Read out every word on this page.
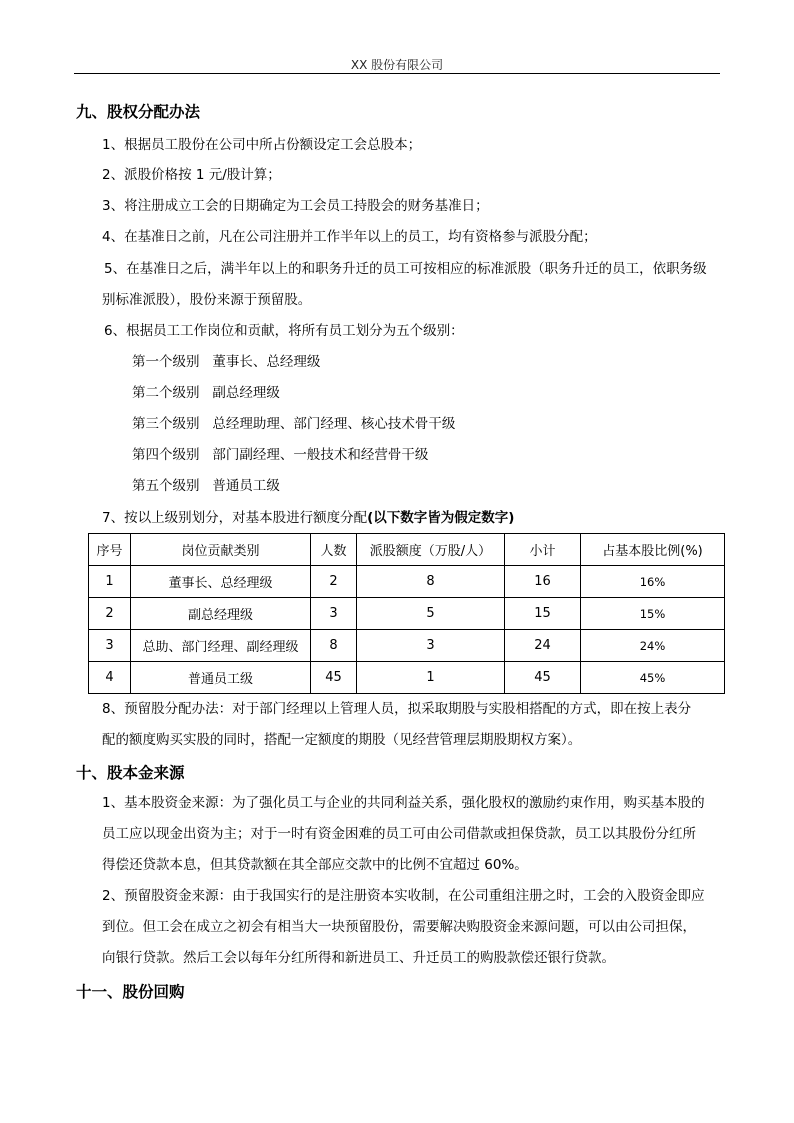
XX 股份有限公司
九、股权分配办法
1、根据员工股份在公司中所占份额设定工会总股本；
2、派股价格按 1 元/股计算；
3、将注册成立工会的日期确定为工会员工持股会的财务基准日；
4、在基准日之前，凡在公司注册并工作半年以上的员工，均有资格参与派股分配；
5、在基准日之后，满半年以上的和职务升迁的员工可按相应的标准派股（职务升迁的员工，依职务级
别标准派股），股份来源于预留股。
6、根据员工工作岗位和贡献，将所有员工划分为五个级别：
第一个级别 董事长、总经理级
第二个级别 副总经理级
第三个级别 总经理助理、部门经理、核心技术骨干级
第四个级别 部门副经理、一般技术和经营骨干级
第五个级别 普通员工级
7、按以上级别划分，对基本股进行额度分配(以下数字皆为假定数字)
序号	岗位贡献类别	人数	派股额度（万股/人）	小计	占基本股比例(%)
1	董事长、总经理级	2	8	16	16%
2	副总经理级	3	5	15	15%
3	总助、部门经理、副经理级	8	3	24	24%
4	普通员工级	45	1	45	45%
8、预留股分配办法：对于部门经理以上管理人员，拟采取期股与实股相搭配的方式，即在按上表分
配的额度购买实股的同时，搭配一定额度的期股（见经营管理层期股期权方案）。
十、股本金来源
1、基本股资金来源：为了强化员工与企业的共同利益关系，强化股权的激励约束作用，购买基本股的
员工应以现金出资为主；对于一时有资金困难的员工可由公司借款或担保贷款，员工以其股份分红所
得偿还贷款本息，但其贷款额在其全部应交款中的比例不宜超过 60%。
2、预留股资金来源：由于我国实行的是注册资本实收制，在公司重组注册之时，工会的入股资金即应
到位。但工会在成立之初会有相当大一块预留股份，需要解决购股资金来源问题，可以由公司担保，
向银行贷款。然后工会以每年分红所得和新进员工、升迁员工的购股款偿还银行贷款。
十一、股份回购
